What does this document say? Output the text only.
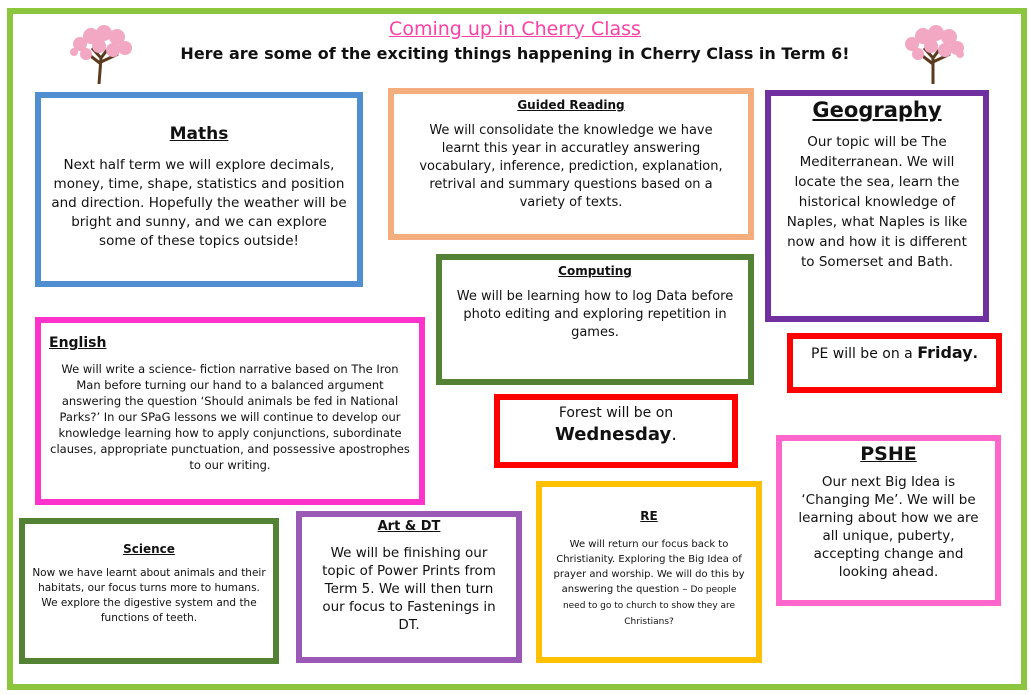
Coming up in Cherry Class
Here are some of the exciting things happening in Cherry Class in Term 6!
Maths

Next half term we will explore decimals, money, time, shape, statistics and position and direction. Hopefully the weather will be bright and sunny, and we can explore some of these topics outside!

Guided Reading

We will consolidate the knowledge we have learnt this year in accuratley answering vocabulary, inference, prediction, explanation, retrival and summary questions based on a variety of texts.

Geography

Our topic will be The Mediterranean. We will locate the sea, learn the historical knowledge of Naples, what Naples is like now and how it is different to Somerset and Bath.

Computing

We will be learning how to log Data before photo editing and exploring repetition in games.

English

We will write a science- fiction narrative based on The Iron Man before turning our hand to a balanced argument answering the question ‘Should animals be fed in National Parks?’ In our SPaG lessons we will continue to develop our knowledge learning how to apply conjunctions, subordinate clauses, appropriate punctuation, and possessive apostrophes to our writing.

PE will be on a Friday.

Forest will be on

Wednesday.

PSHE

Our next Big Idea is ‘Changing Me’. We will be learning about how we are all unique, puberty, accepting change and looking ahead.

Science

Now we have learnt about animals and their habitats, our focus turns more to humans. We explore the digestive system and the functions of teeth.

Art & DT

We will be finishing our topic of Power Prints from Term 5. We will then turn our focus to Fastenings in DT.

RE

We will return our focus back to Christianity. Exploring the Big Idea of prayer and worship. We will do this by answering the question – Do people need to go to church to show they are Christians?
